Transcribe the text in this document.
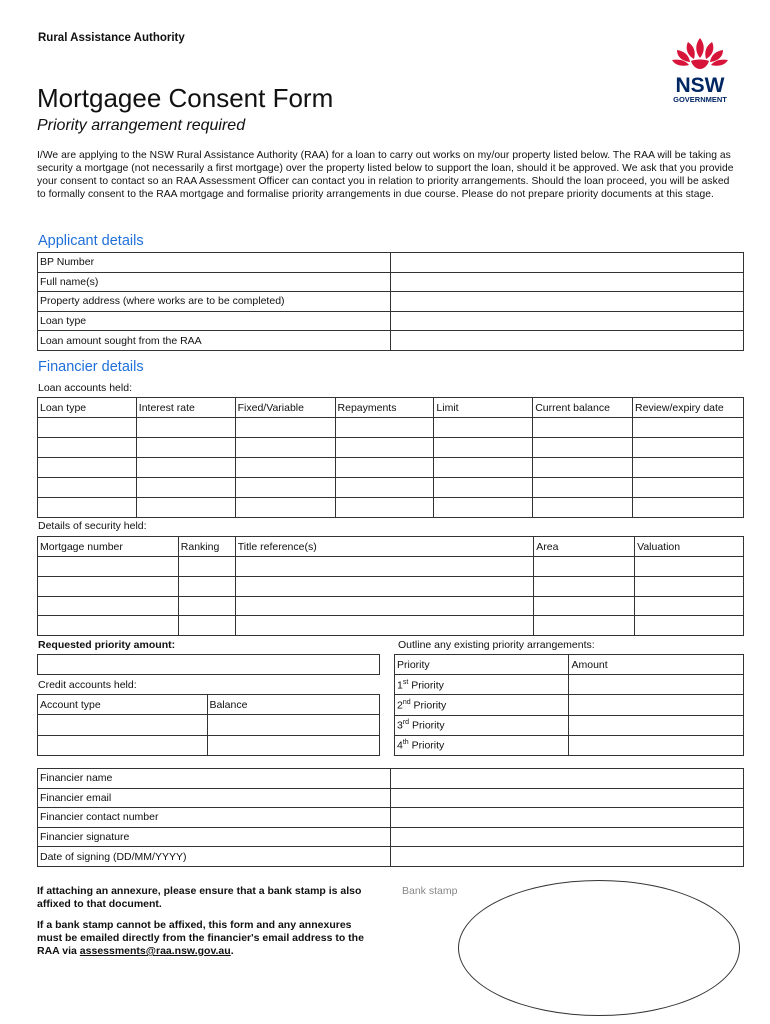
Rural Assistance Authority
NSW
GOVERNMENT
Mortgagee Consent Form
Priority arrangement required

I/We are applying to the NSW Rural Assistance Authority (RAA) for a loan to carry out works on my/our property listed below. The RAA will be taking as security a mortgage (not necessarily a first mortgage) over the property listed below to support the loan, should it be approved. We ask that you provide your consent to contact so an RAA Assessment Officer can contact you in relation to priority arrangements. Should the loan proceed, you will be asked to formally consent to the RAA mortgage and formalise priority arrangements in due course. Please do not prepare priority documents at this stage.

Applicant details
BP Number	
Full name(s)	
Property address (where works are to be completed)	
Loan type	
Loan amount sought from the RAA	
Financier details
Loan accounts held:
Loan type	Interest rate	Fixed/Variable	Repayments	Limit	Current balance	Review/expiry date

Details of security held:
Mortgage number	Ranking	Title reference(s)	Area	Valuation

Requested priority amount:	Outline any existing priority arrangements:
Priority	Amount
1st Priority	
2nd Priority	
3rd Priority	
4th Priority	
Credit accounts held:
Account type	Balance

Financier name	
Financier email	
Financier contact number	
Financier signature	
Date of signing (DD/MM/YYYY)	
If attaching an annexure, please ensure that a bank stamp is also affixed to that document.
If a bank stamp cannot be affixed, this form and any annexures must be emailed directly from the financier's email address to the RAA via assessments@raa.nsw.gov.au.
Bank stamp
